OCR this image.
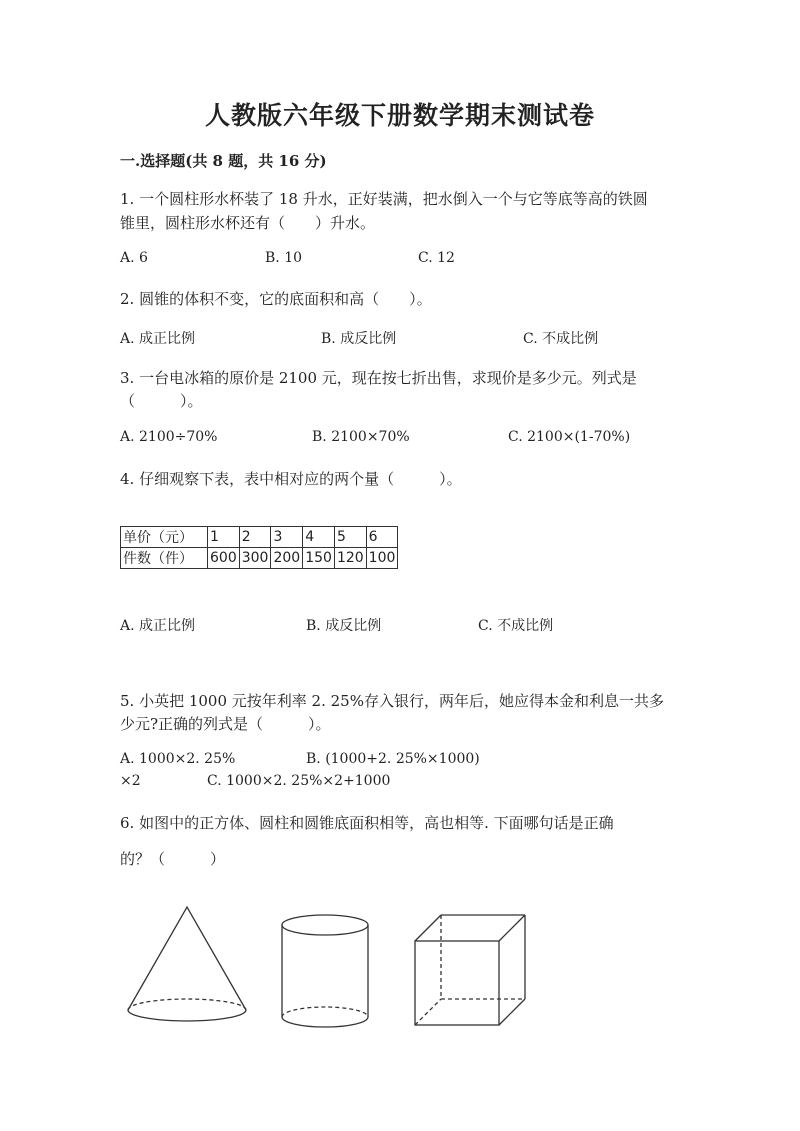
人教版六年级下册数学期末测试卷
一.选择题(共 8 题，共 16 分)
1. 一个圆柱形水杯装了 18 升水，正好装满，把水倒入一个与它等底等高的铁圆
锥里，圆柱形水杯还有（　　）升水。
A. 6	B. 10	C. 12
2. 圆锥的体积不变，它的底面积和高（　　）。
A. 成正比例	B. 成反比例	C. 不成比例
3. 一台电冰箱的原价是 2100 元，现在按七折出售，求现价是多少元。列式是
（　　　）。
A. 2100÷70%	B. 2100×70%	C. 2100×(1-70%)
4. 仔细观察下表，表中相对应的两个量（　　　）。
单价（元）	1	2	3	4	5	6
件数（件）	600	300	200	150	120	100
A. 成正比例	B. 成反比例	C. 不成比例
5. 小英把 1000 元按年利率 2. 25%存入银行，两年后，她应得本金和利息一共多
少元?正确的列式是（　　　）。
A. 1000×2. 25%	B. (1000+2. 25%×1000)
×2	C. 1000×2. 25%×2+1000
6. 如图中的正方体、圆柱和圆锥底面积相等，高也相等. 下面哪句话是正确
的？（　　　）
